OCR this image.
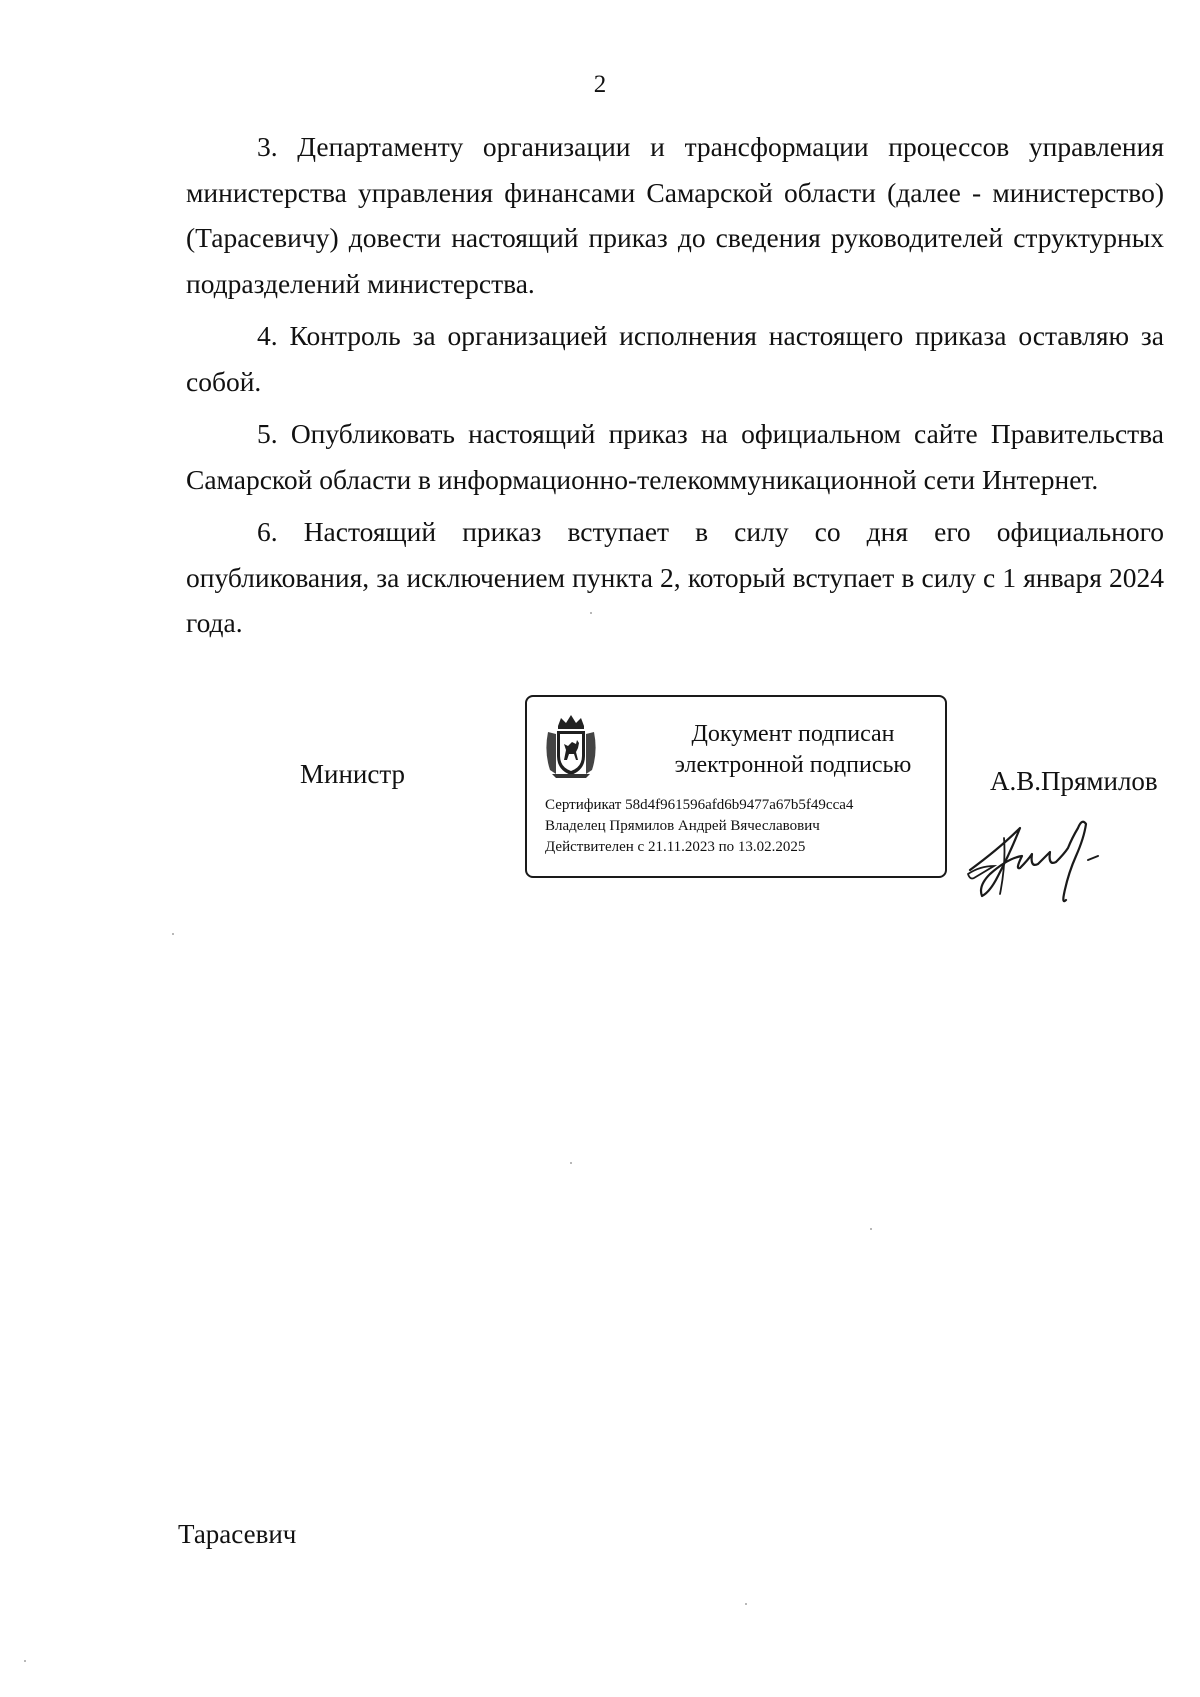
2

3. Департаменту организации и трансформации процессов управления министерства управления финансами Самарской области (далее - министерство) (Тарасевичу) довести настоящий приказ до сведения руководителей структурных подразделений министерства.

4. Контроль за организацией исполнения настоящего приказа оставляю за собой.

5. Опубликовать настоящий приказ на официальном сайте Правительства Самарской области в информационно-телекоммуникационной сети Интернет.

6. Настоящий приказ вступает в силу со дня его официального опубликования, за исключением пункта 2, который вступает в силу с 1 января 2024 года.

Министр
Документ подписан
электронной подписью
Сертификат 58d4f961596afd6b9477a67b5f49cca4
Владелец Прямилов Андрей Вячеславович
Действителен с 21.11.2023 по 13.02.2025
А.В.Прямилов
Тарасевич
